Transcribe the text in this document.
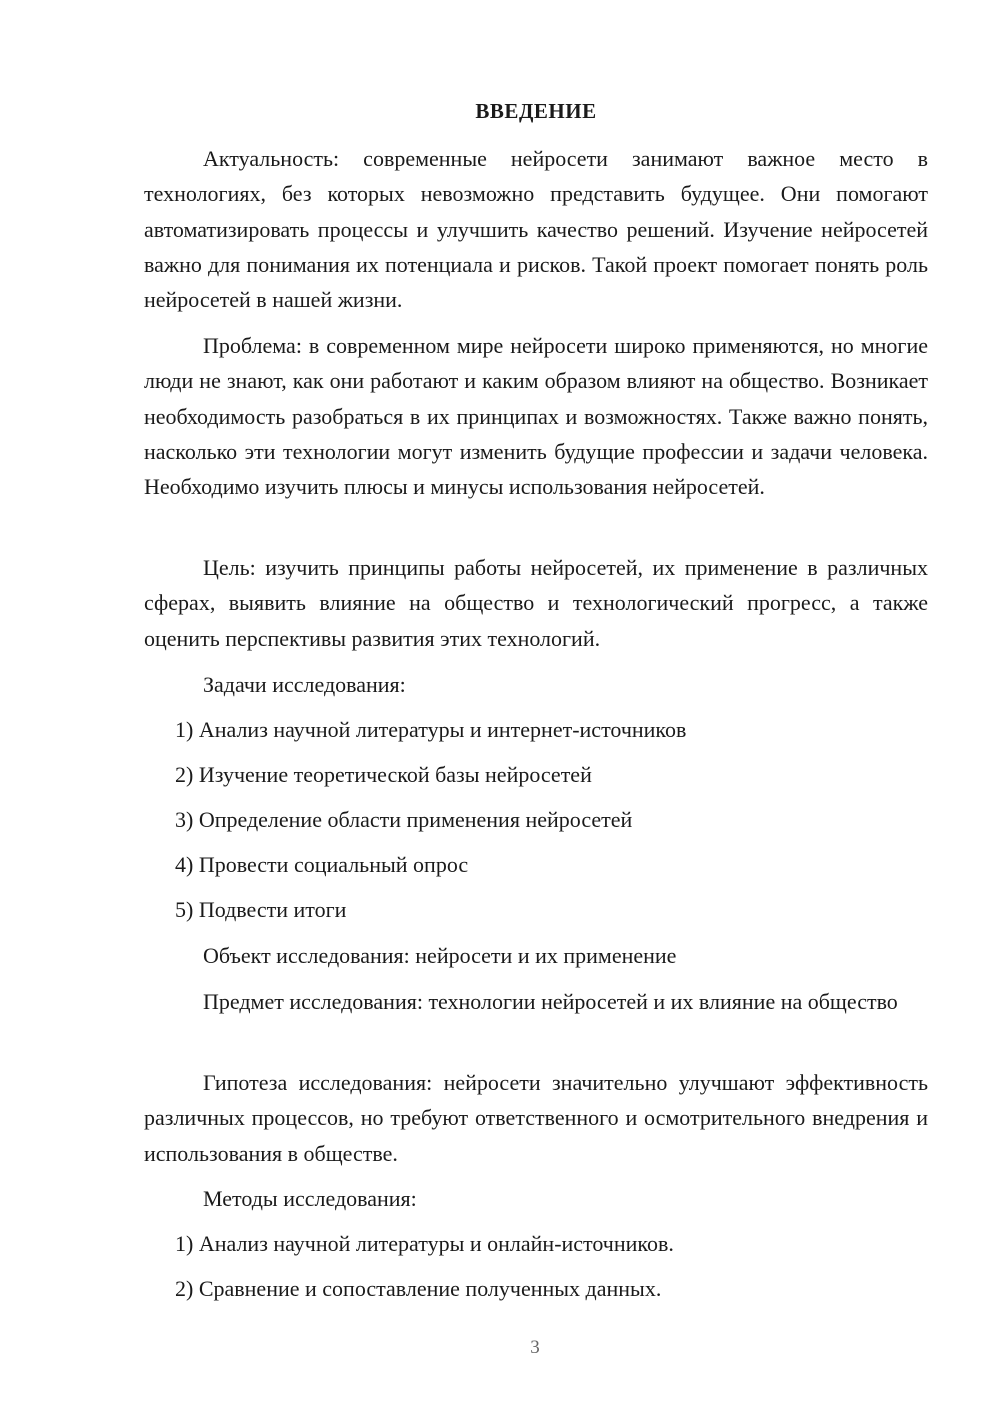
ВВЕДЕНИЕ

Актуальность: современные нейросети занимают важное место в технологиях, без которых невозможно представить будущее. Они помогают автоматизировать процессы и улучшить качество решений. Изучение нейросетей важно для понимания их потенциала и рисков. Такой проект помогает понять роль нейросетей в нашей жизни.

Проблема: в современном мире нейросети широко применяются, но многие люди не знают, как они работают и каким образом влияют на общество. Возникает необходимость разобраться в их принципах и возможностях. Также важно понять, насколько эти технологии могут изменить будущие профессии и задачи человека. Необходимо изучить плюсы и минусы использования нейросетей.

Цель: изучить принципы работы нейросетей, их применение в различных сферах, выявить влияние на общество и технологический прогресс, а также оценить перспективы развития этих технологий.

Задачи исследования:
1) Анализ научной литературы и интернет-источников
2) Изучение теоретической базы нейросетей
3) Определение области применения нейросетей
4) Провести социальный опрос
5) Подвести итоги
Объект исследования: нейросети и их применение

Предмет исследования: технологии нейросетей и их влияние на общество

Гипотеза исследования: нейросети значительно улучшают эффективность различных процессов, но требуют ответственного и осмотрительного внедрения и использования в обществе.

Методы исследования:
1) Анализ научной литературы и онлайн-источников.
2) Сравнение и сопоставление полученных данных.
3
